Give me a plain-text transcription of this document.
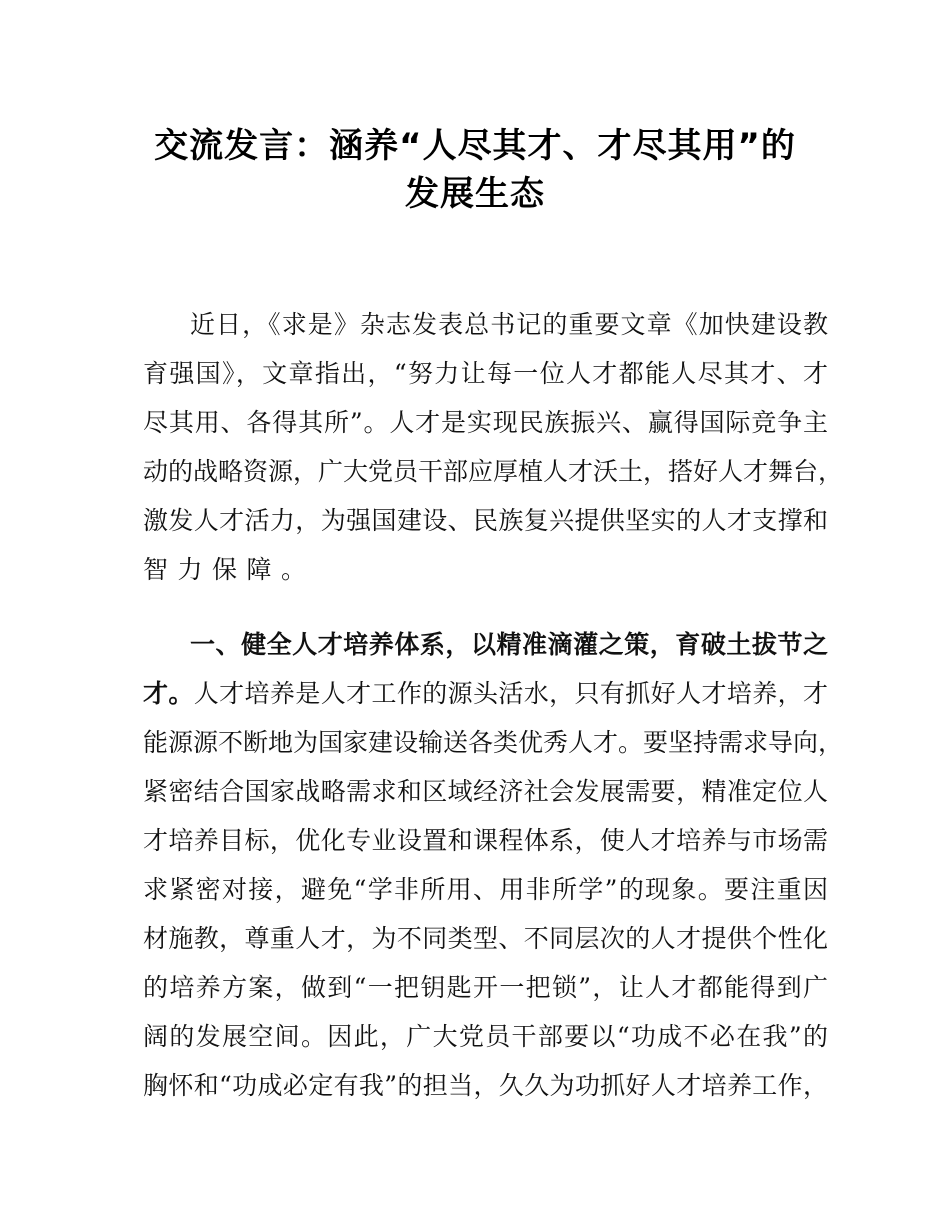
交流发言：涵养“人尽其才、才尽其用”的
发展生态
近日，《求是》杂志发表总书记的重要文章《加快建设教
育强国》，文章指出，“努力让每一位人才都能人尽其才、才
尽其用、各得其所”。人才是实现民族振兴、赢得国际竞争主
动的战略资源，广大党员干部应厚植人才沃土，搭好人才舞台，
激发人才活力，为强国建设、民族复兴提供坚实的人才支撑和
智力保障。
一、健全人才培养体系，以精准滴灌之策，育破土拔节之
才。人才培养是人才工作的源头活水，只有抓好人才培养，才
能源源不断地为国家建设输送各类优秀人才。要坚持需求导向，
紧密结合国家战略需求和区域经济社会发展需要，精准定位人
才培养目标，优化专业设置和课程体系，使人才培养与市场需
求紧密对接，避免“学非所用、用非所学”的现象。要注重因
材施教，尊重人才，为不同类型、不同层次的人才提供个性化
的培养方案，做到“一把钥匙开一把锁”，让人才都能得到广
阔的发展空间。因此，广大党员干部要以“功成不必在我”的
胸怀和“功成必定有我”的担当，久久为功抓好人才培养工作，
